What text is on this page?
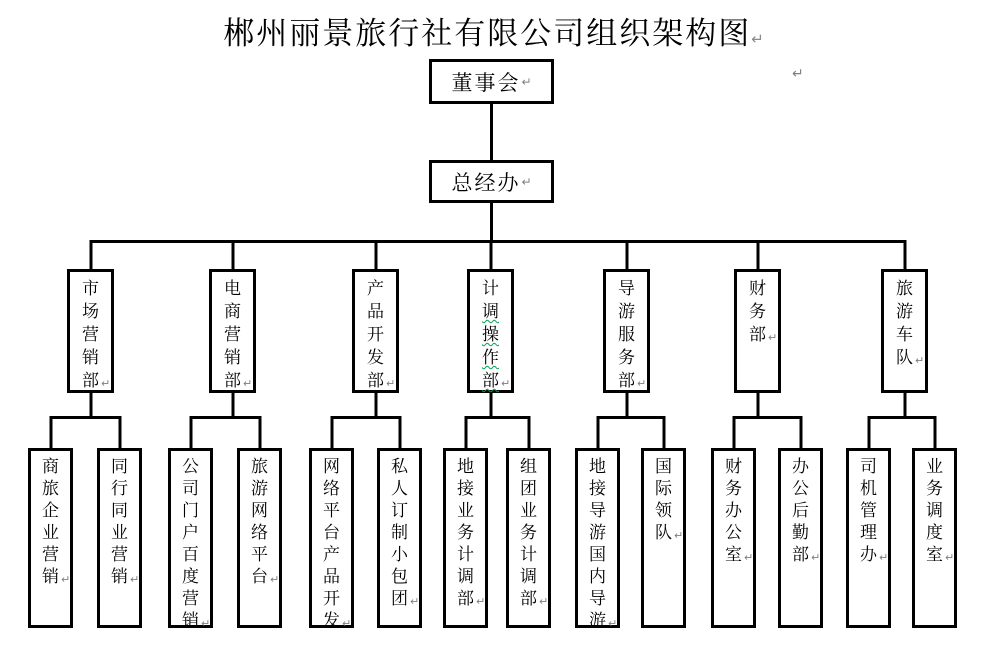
郴州丽景旅行社有限公司组织架构图↵
↵
董事会 ↵
总经办 ↵
市场营销部 ↵
电商营销部 ↵
产品开发部 ↵
计调操作部 ↵
导游服务部 ↵
财务部 ↵
旅游车队 ↵
商旅企业营销 ↵
同行同业营销 ↵
公司门户百度营销 ↵
旅游网络平台 ↵
网络平台产品开发 ↵
私人订制小包团 ↵
地接业务计调部 ↵
组团业务计调部 ↵
地接导游国内导游 ↵
国际领队 ↵
财务办公室 ↵
办公后勤部 ↵
司机管理办 ↵
业务调度室 ↵
